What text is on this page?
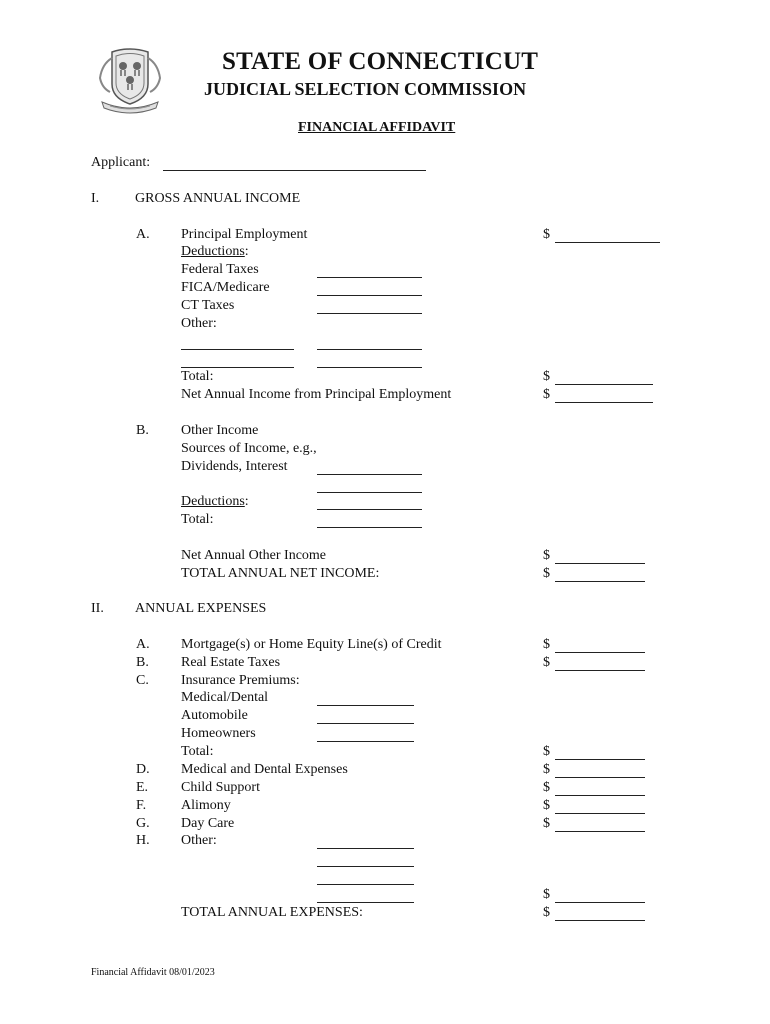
STATE OF CONNECTICUT
JUDICIAL SELECTION COMMISSION
FINANCIAL AFFIDAVIT
Applicant:
I.	GROSS ANNUAL INCOME
A. Principal Employment	$
Deductions:
Federal Taxes
FICA/Medicare
CT Taxes
Other:
Total:	$
Net Annual Income from Principal Employment	$
B. Other Income
Sources of Income, e.g.,
Dividends, Interest
Deductions:
Total:
Net Annual Other Income	$
TOTAL ANNUAL NET INCOME:	$
II. ANNUAL EXPENSES
A. Mortgage(s) or Home Equity Line(s) of Credit	$
B. Real Estate Taxes	$
C. Insurance Premiums:
Medical/Dental
Automobile
Homeowners
Total:	$
D. Medical and Dental Expenses	$
E. Child Support	$
F. Alimony	$
G. Day Care	$
H. Other:
$
TOTAL ANNUAL EXPENSES:	$
Financial Affidavit 08/01/2023
